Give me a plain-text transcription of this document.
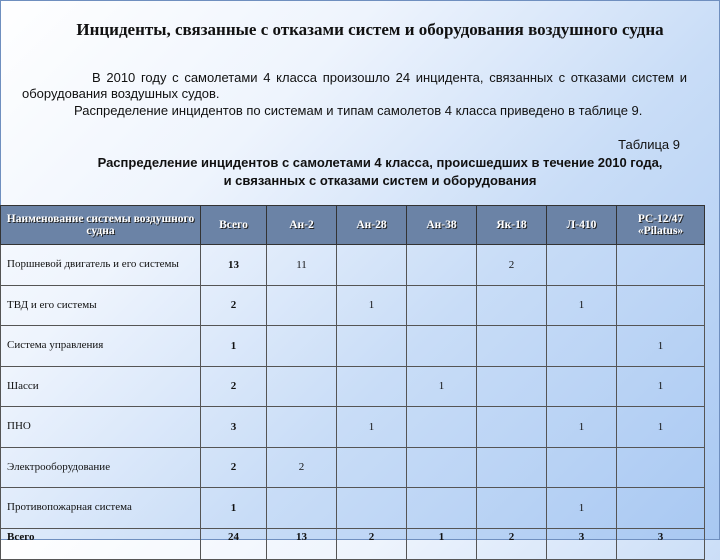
Инциденты, связанные с отказами систем и оборудования воздушного судна
В 2010 году с самолетами 4 класса произошло 24 инцидента, связанных с отказами систем и оборудования воздушных судов.
Распределение инцидентов по системам и типам самолетов 4 класса приведено в таблице 9.
Таблица 9
Распределение инцидентов с самолетами 4 класса, происшедших в течение 2010 года,
и связанных с отказами систем и оборудования
Наименование системы воздушного судна	Всего	Ан-2	Ан-28	Ан-38	Як-18	Л-410	PC-12/47 «Pilatus»
Поршневой двигатель и его системы	13	11			2		
ТВД и его системы	2		1			1	
Система управления	1						1
Шасси	2			1			1
ПНО	3		1			1	1
Электрооборудование	2	2					
Противопожарная система	1					1	
Всего	24	13	2	1	2	3	3
